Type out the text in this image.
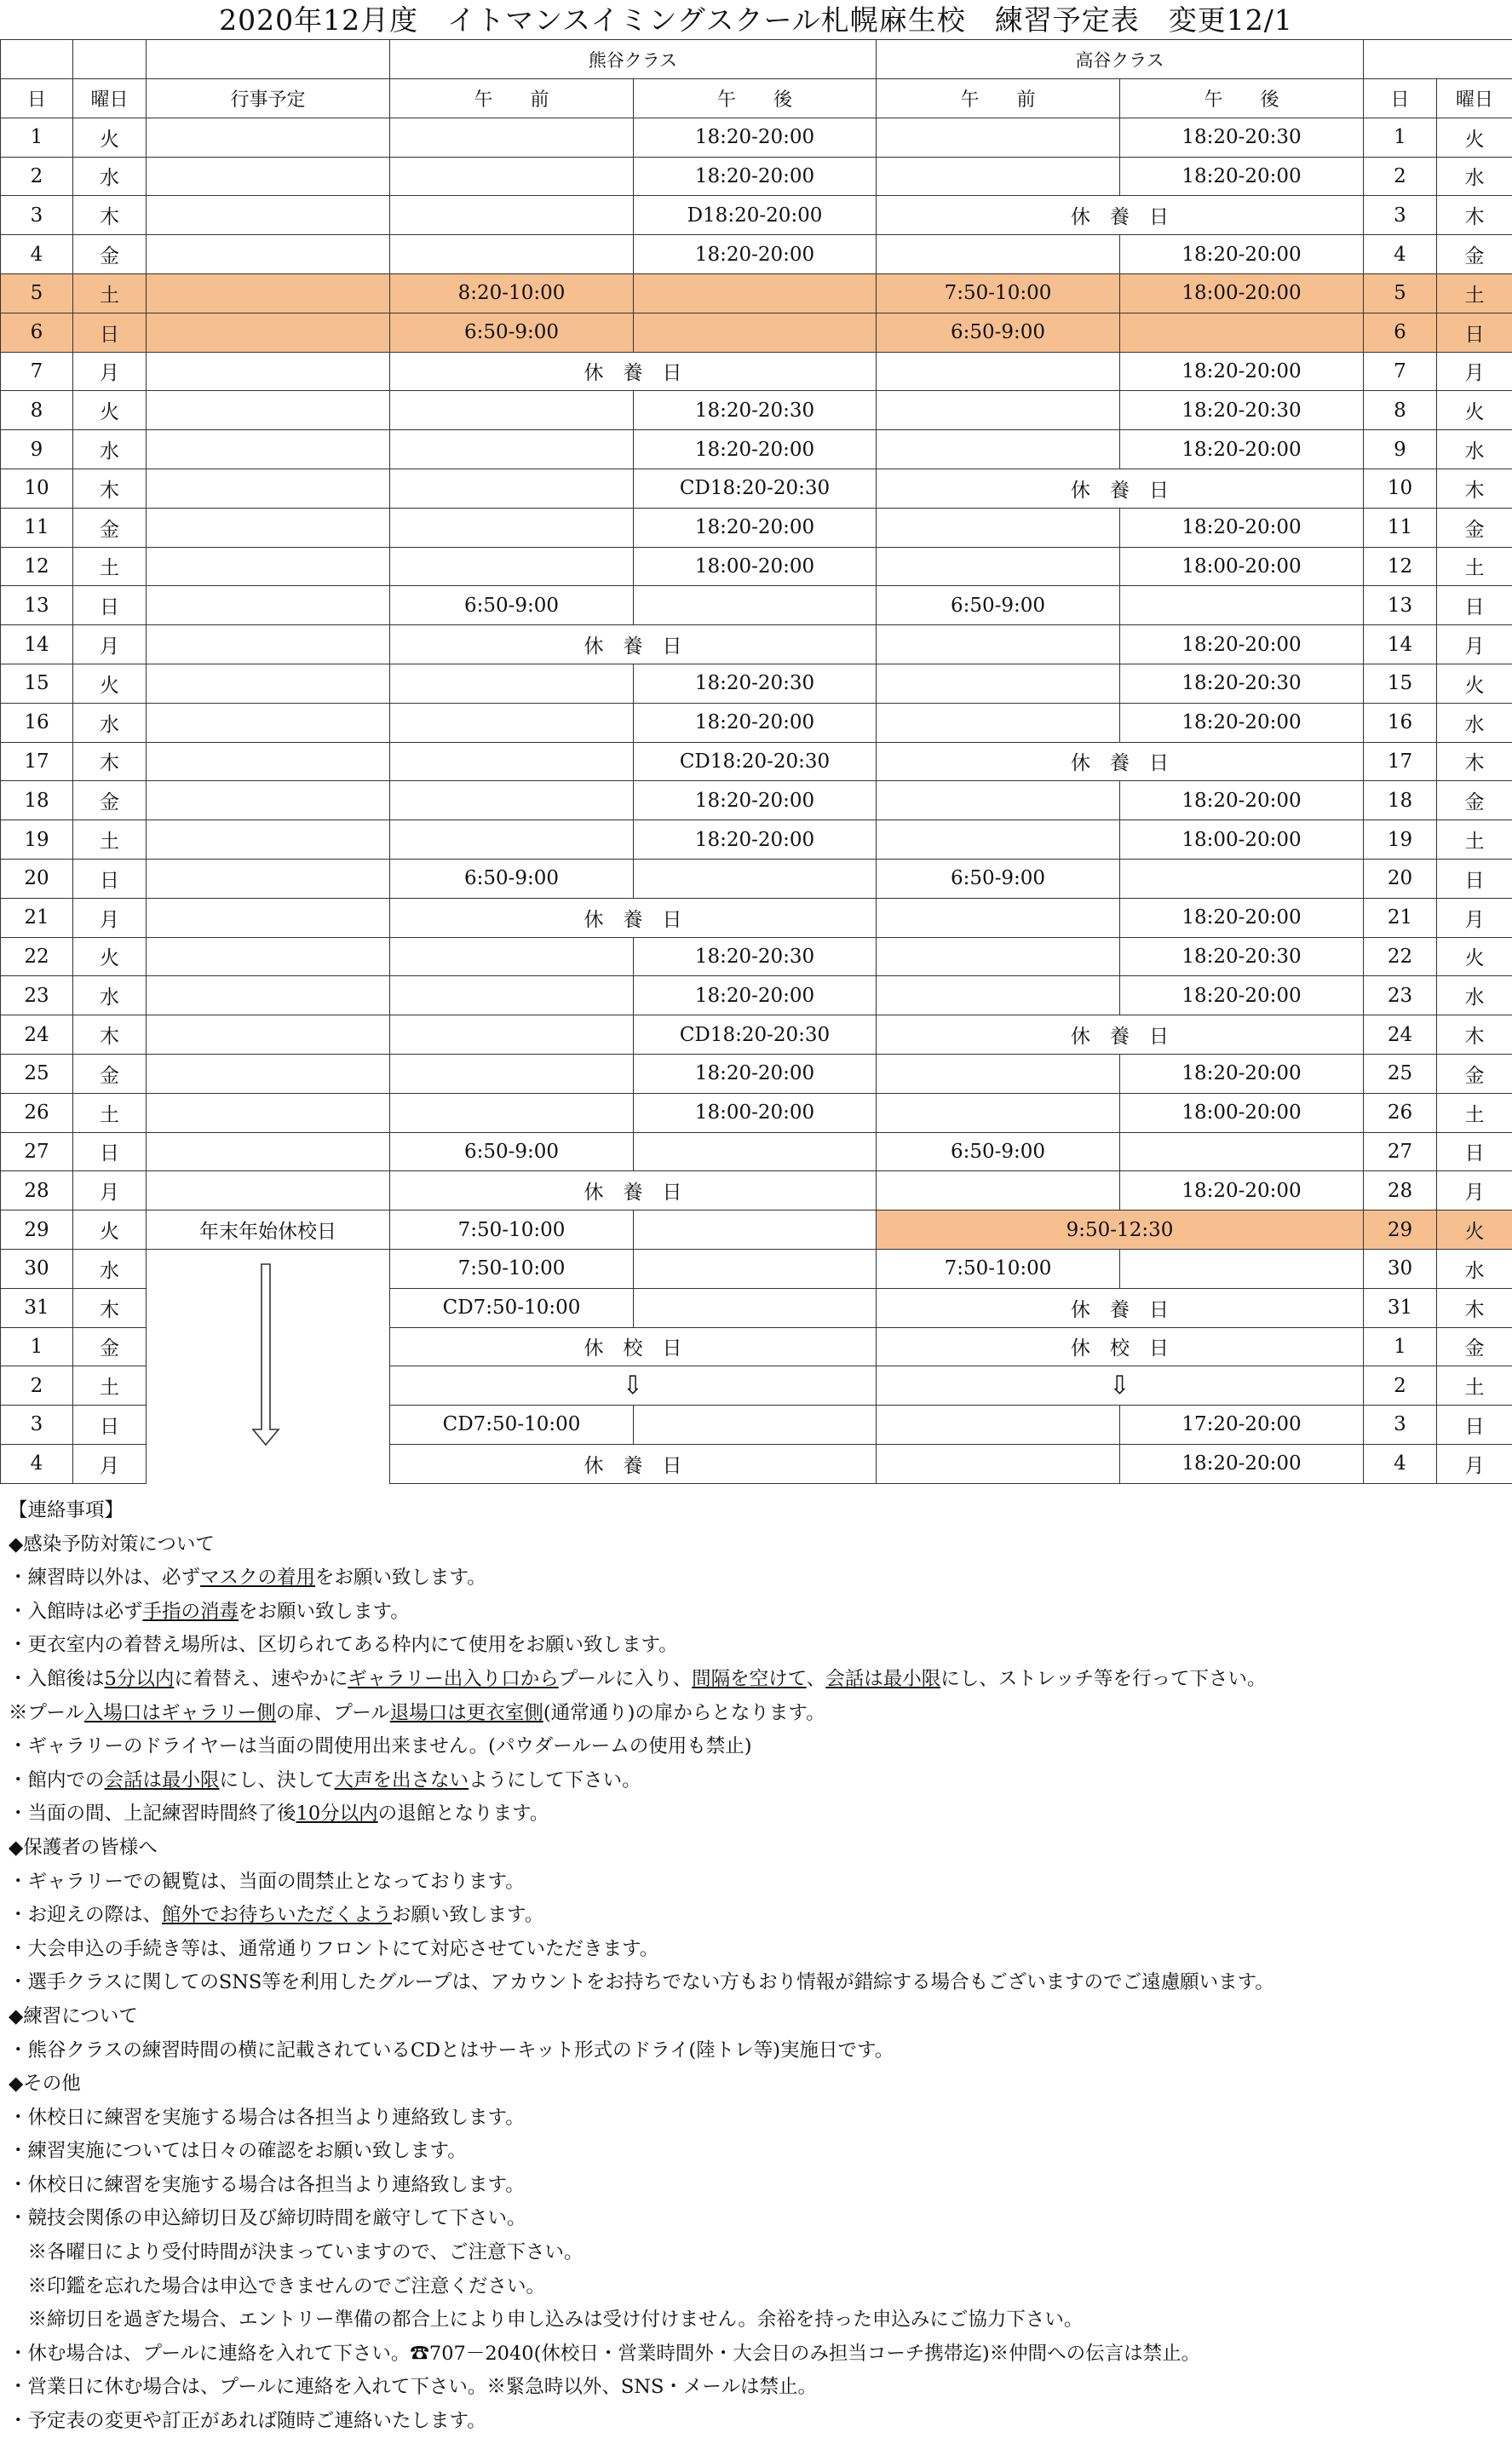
2020年12月度　イトマンスイミングスクール札幌麻生校　練習予定表　変更12/1
			熊谷クラス		高谷クラス			
日	曜日	行事予定	午　　前	午　　後	午　　前	午　　後	日	曜日
1	火			18:20-20:00		18:20-20:30	1	火
2	水			18:20-20:00		18:20-20:00	2	水
3	木			D18:20-20:00	休　養　日		3	木
4	金			18:20-20:00		18:20-20:00	4	金
5	土		8:20-10:00		7:50-10:00	18:00-20:00	5	土
6	日		6:50-9:00		6:50-9:00		6	日
7	月		休　養　日			18:20-20:00	7	月
8	火			18:20-20:30		18:20-20:30	8	火
9	水			18:20-20:00		18:20-20:00	9	水
10	木			CD18:20-20:30	休　養　日		10	木
11	金			18:20-20:00		18:20-20:00	11	金
12	土			18:00-20:00		18:00-20:00	12	土
13	日		6:50-9:00		6:50-9:00		13	日
14	月		休　養　日			18:20-20:00	14	月
15	火			18:20-20:30		18:20-20:30	15	火
16	水			18:20-20:00		18:20-20:00	16	水
17	木			CD18:20-20:30	休　養　日		17	木
18	金			18:20-20:00		18:20-20:00	18	金
19	土			18:20-20:00		18:00-20:00	19	土
20	日		6:50-9:00		6:50-9:00		20	日
21	月		休　養　日			18:20-20:00	21	月
22	火			18:20-20:30		18:20-20:30	22	火
23	水			18:20-20:00		18:20-20:00	23	水
24	木			CD18:20-20:30	休　養　日		24	木
25	金			18:20-20:00		18:20-20:00	25	金
26	土			18:00-20:00		18:00-20:00	26	土
27	日		6:50-9:00		6:50-9:00		27	日
28	月		休　養　日			18:20-20:00	28	月
29	火	年末年始休校日	7:50-10:00		9:50-12:30		29	火
30	水		7:50-10:00		7:50-10:00		30	水
31	木		CD7:50-10:00		休　養　日		31	木
1	金		休　校　日		休　校　日		1	金
2	土		⇩		⇩		2	土
3	日		CD7:50-10:00			17:20-20:00	3	日
4	月		休　養　日			18:20-20:00	4	月
【連絡事項】
◆感染予防対策について
・練習時以外は、必ずマスクの着用をお願い致します。
・入館時は必ず手指の消毒をお願い致します。
・更衣室内の着替え場所は、区切られてある枠内にて使用をお願い致します。
・入館後は5分以内に着替え、速やかにギャラリー出入り口からプールに入り、間隔を空けて、会話は最小限にし、ストレッチ等を行って下さい。
※プール入場口はギャラリー側の扉、プール退場口は更衣室側(通常通り)の扉からとなります。
・ギャラリーのドライヤーは当面の間使用出来ません。(パウダールームの使用も禁止)
・館内での会話は最小限にし、決して大声を出さないようにして下さい。
・当面の間、上記練習時間終了後10分以内の退館となります。
◆保護者の皆様へ
・ギャラリーでの観覧は、当面の間禁止となっております。
・お迎えの際は、館外でお待ちいただくようお願い致します。
・大会申込の手続き等は、通常通りフロントにて対応させていただきます。
・選手クラスに関してのSNS等を利用したグループは、アカウントをお持ちでない方もおり情報が錯綜する場合もございますのでご遠慮願います。
◆練習について
・熊谷クラスの練習時間の横に記載されているCDとはサーキット形式のドライ(陸トレ等)実施日です。
◆その他
・休校日に練習を実施する場合は各担当より連絡致します。
・練習実施については日々の確認をお願い致します。
・休校日に練習を実施する場合は各担当より連絡致します。
・競技会関係の申込締切日及び締切時間を厳守して下さい。
　※各曜日により受付時間が決まっていますので、ご注意下さい。
　※印鑑を忘れた場合は申込できませんのでご注意ください。
　※締切日を過ぎた場合、エントリー準備の都合上により申し込みは受け付けません。余裕を持った申込みにご協力下さい。
・休む場合は、プールに連絡を入れて下さい。☎707－2040(休校日・営業時間外・大会日のみ担当コーチ携帯迄)※仲間への伝言は禁止。
・営業日に休む場合は、プールに連絡を入れて下さい。※緊急時以外、SNS・メールは禁止。
・予定表の変更や訂正があれば随時ご連絡いたします。
